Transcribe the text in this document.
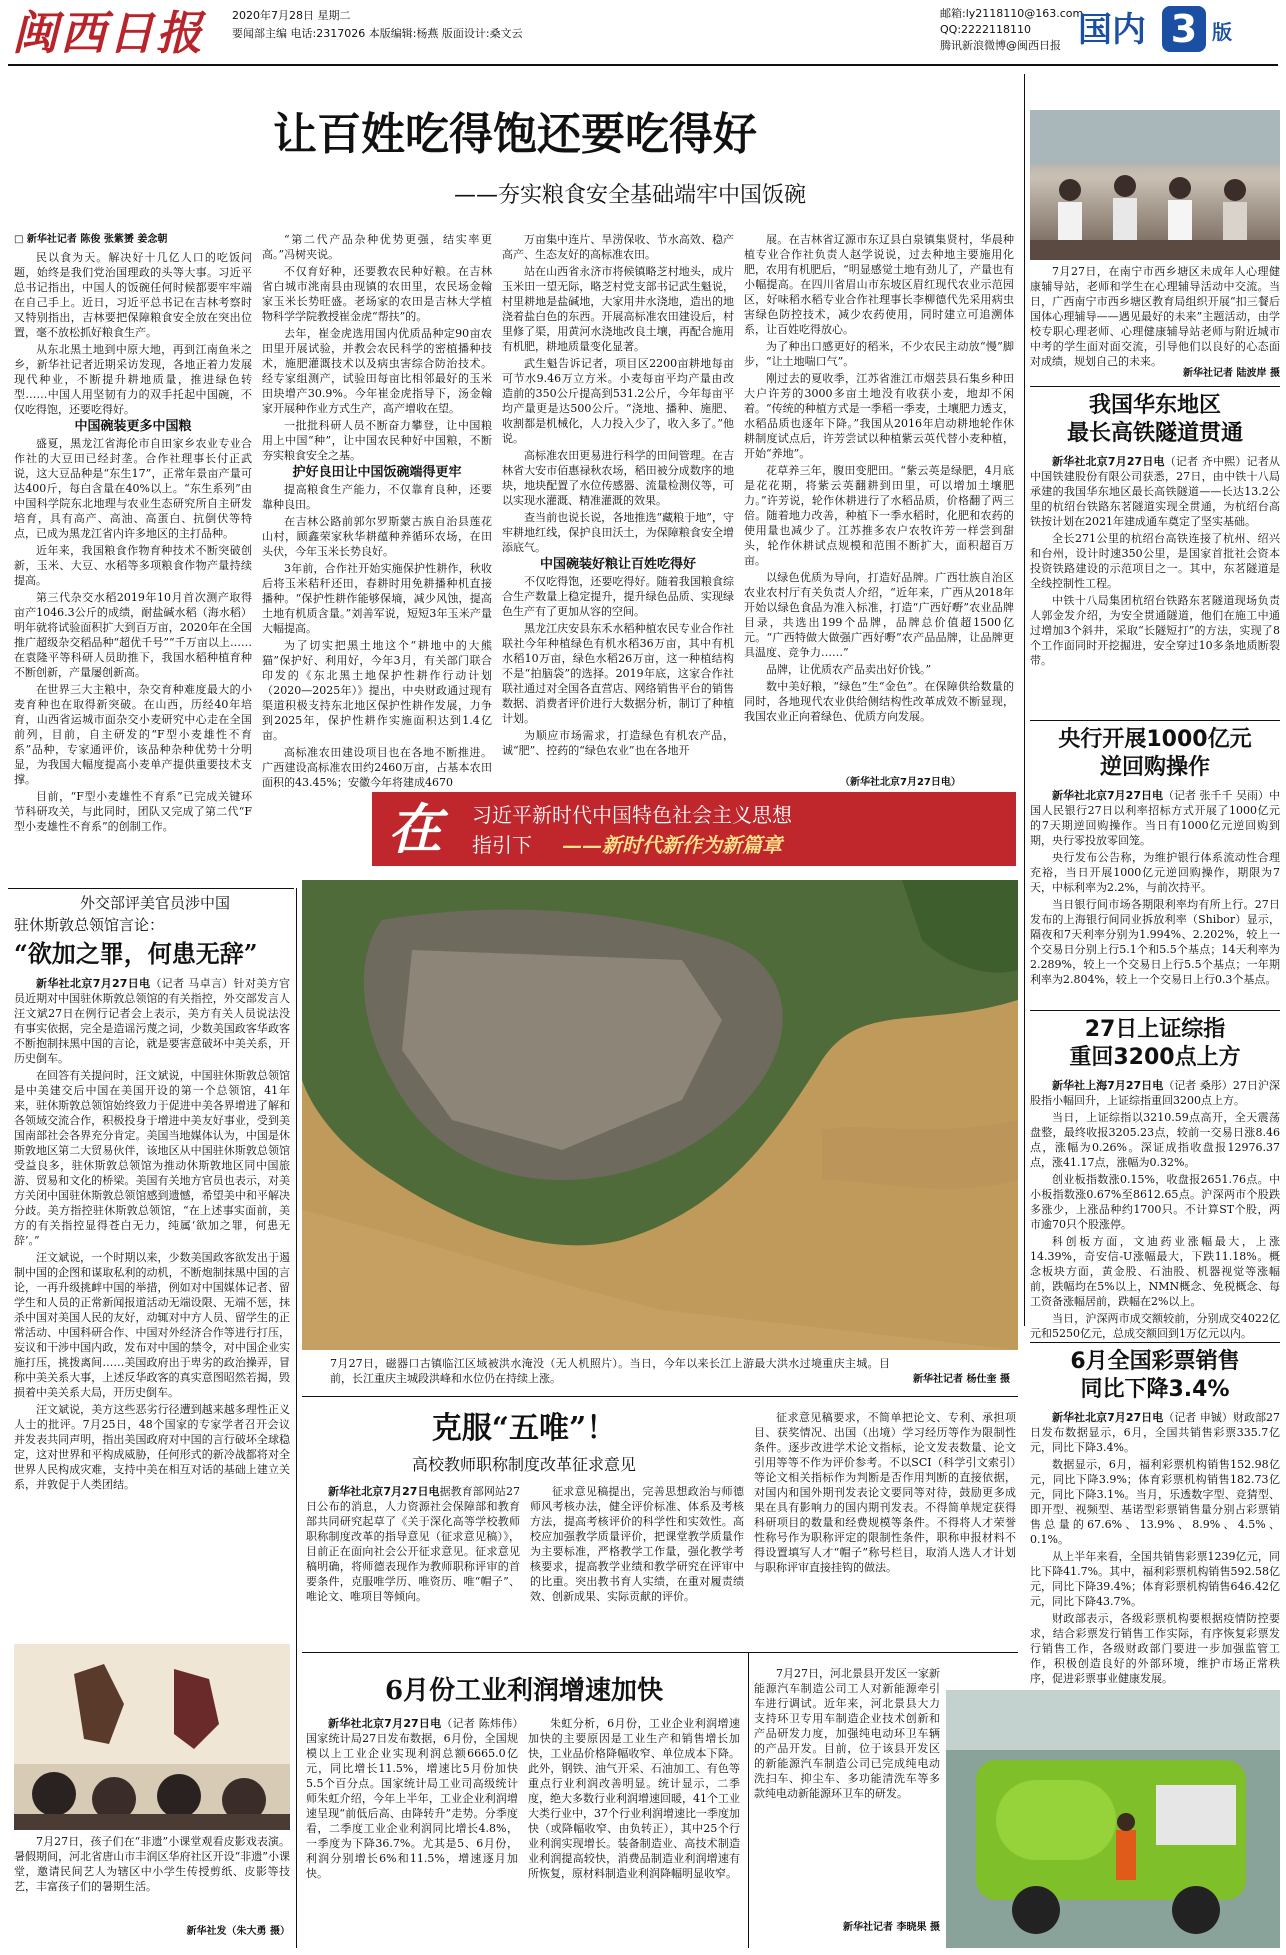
闽西日报	2020年7月28日 星期二
要闻部主编 电话:2317026 本版编辑:杨燕 版面设计:桑文云
邮箱:ly2118110@163.com
QQ:2222118110
腾讯新浪微博@闽西日报 国内 3 版
让百姓吃得饱还要吃得好
——夯实粮食安全基础端牢中国饭碗
□ 新华社记者 陈俊 张紫赟 姜念朝

民以食为天。解决好十几亿人口的吃饭问题，始终是我们党治国理政的头等大事。习近平总书记指出，中国人的饭碗任何时候都要牢牢端在自己手上。近日，习近平总书记在吉林考察时又特别指出，吉林要把保障粮食安全放在突出位置，毫不放松抓好粮食生产。

从东北黑土地到中原大地，再到江南鱼米之乡，新华社记者近期采访发现，各地正着力发展现代种业，不断提升耕地质量，推进绿色转型……中国人用坚韧有力的双手托起中国碗，不仅吃得饱，还要吃得好。

中国碗装更多中国粮

盛夏，黑龙江省海伦市自田家乡农业专业合作社的大豆田已经封垄。合作社理事长付正武说，这大豆品种是“东生17”，正常年景亩产量可达400斤，每白含量在40%以上。“东生系列”由中国科学院东北地理与农业生态研究所自主研发培育，具有高产、高油、高蛋白、抗倒伏等特点，已成为黑龙江省内许多地区的主打品种。

近年来，我国粮食作物育种技术不断突破创新，玉米、大豆、水稻等多项粮食作物产量持续提高。

第三代杂交水稻2019年10月首次测产取得亩产1046.3公斤的成绩，耐盐碱水稻（海水稻）明年就将试验面积扩大到百万亩，2020年在全国推广超级杂交稻品种“超优千号”“千万亩以上……在袁隆平等科研人员助推下，我国水稻种植育种不断创新，产量屡创新高。

在世界三大主粮中，杂交育种难度最大的小麦育种也在取得新突破。在山西，历经40年培育，山西省运城市面杂交小麦研究中心走在全国前列，目前，自主研发的“F型小麦雄性不育系”品种，专家通评价，该品种杂种优势十分明显，为我国大幅度提高小麦单产提供重要技术支撑。

目前，“F型小麦雄性不育系”已完成关键环节科研攻关，与此同时，团队又完成了第二代“F型小麦雄性不育系”的创制工作。

“第二代产品杂种优势更强，结实率更高。”冯树夹说。

不仅育好种，还要教农民种好粮。在吉林省白城市洮南县由现镇的农田里，农民场金翰家玉米长势旺盛。老场家的农田是吉林大学植物科学学院教授崔金虎“帮扶”的。

去年，崔金虎选用国内优质品种定90亩农田里开展试验，并教会农民科学的密植播种技术，施肥灌溉技术以及病虫害综合防治技术。经专家组测产，试验田每亩比相邻最好的玉米田块增产30.9%。今年崔金虎指导下，汤金翰家开展种作业方式生产，高产增收在望。

一批批科研人员不断奋力攀登，让中国粮用上中国“种”，让中国农民种好中国粮，不断夯实粮食安全之基。

护好良田让中国饭碗端得更牢

提高粮食生产能力，不仅靠育良种，还要靠种良田。

在吉林公路前郭尔罗斯蒙古族自治县莲花山村，顾鑫荣家秋华耕蕴种养循环农场，在田头伏，今年玉米长势良好。

3年前，合作社开始实施保护性耕作，秋收后将玉米秸秆还田，春耕时用免耕播种机直接播种。“保护性耕作能够保墒，减少风蚀，提高土地有机质含量。”刘善军说，短短3年玉米产量大幅提高。

为了切实把黑土地这个“耕地中的大熊猫”保护好、利用好，今年3月，有关部门联合印发的《东北黑土地保护性耕作行动计划（2020—2025年）》提出，中央财政通过现有渠道积极支持东北地区保护性耕作发展，力争到2025年，保护性耕作实施面积达到1.4亿亩。

高标准农田建设项目也在各地不断推进。广西建设高标准农田约2460万亩，占基本农田面积的43.45%；安徽今年将建成4670

万亩集中连片、旱涝保收、节水高效、稳产高产、生态友好的高标准农田。

站在山西省永济市将候镇略芝村地头，成片玉米田一望无际，略芝村党支部书记武生魁说，村里耕地是盐碱地，大家用井水浇地，造出的地浇着盐白色的东西。开展高标准农田建设后，村里修了渠，用黄河水浇地改良土壤，再配合施用有机肥，耕地质量变化显著。

武生魁告诉记者，项目区2200亩耕地每亩可节水9.46万立方米。小麦每亩平均产量由改造前的350公斤提高到531.2公斤，今年每亩平均产量更是达500公斤。“浇地、播种、施肥、收割都是机械化，人力投入少了，收入多了。”他说。

高标准农田更易进行科学的田间管理。在吉林省大安市佰惠禄秋农场，稻田被分成数序的地块，地块配置了水位传感器、流量检测仪等，可以实现水灌溉、精准灌溉的效果。

查当前也说长说，各地推选“藏粮于地”，守牢耕地红线，保护良田沃土，为保障粮食安全增添底气。

中国碗装好粮让百姓吃得好

不仅吃得饱，还要吃得好。随着我国粮食综合生产数量上稳定提升，提升绿色品质、实现绿色生产有了更加从容的空间。

黑龙江庆安县东禾水稻种植农民专业合作社联社今年种植绿色有机水稻36万亩，其中有机水稻10万亩，绿色水稻26万亩，这一种植结构不是“拍脑袋”的选择。2019年底，这家合作社联社通过对全国各直营店、网络销售平台的销售数据、消费者评价进行大数据分析，制订了种植计划。

为顺应市场需求，打造绿色有机农产品，诚“肥”、控药的“绿色农业”也在各地开

展。在吉林省辽源市东辽县白泉镇集贤村，华晨种植专业合作社负责人赵学说说，过去种地主要施用化肥，农用有机肥后，“明显感觉土地有劲儿了，产量也有小幅提高。在四川省眉山市东坡区眉红现代农业示范园区，好味稻水稻专业合作社理事长李柳德代先采用病虫害绿色防控技术，减少农药使用，同时建立可追溯体系，让百姓吃得放心。

为了种出口感更好的稻米，不少农民主动放“慢”脚步，“让土地喘口气”。

刚过去的夏收季，江苏省淮江市烟芸县石集乡种田大户许芳的3000多亩土地没有收获小麦，地却不闲着。“传统的种植方式是一季稻一季麦，土壤肥力透支，水稻品质也逐年下降。”我国从2016年启动耕地轮作休耕制度试点后，许芳尝试以种植紫云英代替小麦种植，开始“养地”。

花草养三年，腹田变肥田。“紫云英是绿肥，4月底是花花期，将紫云英翻耕到田里，可以增加土壤肥力。”许芳说，轮作休耕进行了水稻品质，价格翻了两三倍。随着地力改善，种植下一季水稻时，化肥和农药的使用量也减少了。江苏推多农户农牧许芳一样尝到甜头，轮作休耕试点规模和范围不断扩大，面积超百万亩。

以绿色优质为导向，打造好品牌。广西壮族自治区农业农村厅有关负责人介绍，“近年来，广西从2018年开始以绿色食品为准入标准，打造“广西好嘢”农业品牌目录，共选出199个品牌，品牌总价值超1500亿元。“广西特做大做强广西好嘢”农产品品牌，让品牌更具温度、竞争力……”

品牌，让优质农产品卖出好价钱。”

数中美好粮，“绿色”生“金色”。在保障供给数量的同时，各地现代农业供给侧结构性改革成效不断显现，我国农业正向着绿色、优质方向发展。

（新华社北京7月27日电）
在 习近平新时代中国特色社会主义思想
指引下 ——新时代新作为新篇章
7月27日，在南宁市西乡塘区未成年人心理健康辅导站，老师和学生在心理辅导活动中交流。当日，广西南宁市西乡塘区教育局组织开展“扣三餐后国体心理辅导——遇见最好的未来”主题活动，由学校专职心理老师、心理健康辅导站老师与附近城市中考的学生面对面交流，引导他们以良好的心态面对成绩，规划自己的未来。
新华社记者 陆波岸 摄
我国华东地区
最长高铁隧道贯通

新华社北京7月27日电（记者 齐中熙）记者从中国铁建股份有限公司获悉，27日，由中铁十八局承建的我国华东地区最长高铁隧道——长达13.2公里的杭绍台铁路东茗隧道实现全贯通，为杭绍台高铁按计划在2021年建成通车奠定了坚实基础。

全长271公里的杭绍台高铁连接了杭州、绍兴和台州，设计时速350公里，是国家首批社会资本投资铁路建设的示范项目之一。其中，东茗隧道是全线控制性工程。

中铁十八局集团杭绍台铁路东茗隧道现场负责人郭金发介绍，为安全贯通隧道，他们在施工中通过增加3个斜井，采取“长隧短打”的方法，实现了8个工作面同时开挖掘进，安全穿过10多条地质断裂带。

央行开展1000亿元
逆回购操作

新华社北京7月27日电（记者 张千千 吴雨）中国人民银行27日以利率招标方式开展了1000亿元的7天期逆回购操作。当日有1000亿元逆回购到期，央行零投放零回笼。

央行发布公告称，为维护银行体系流动性合理充裕，当日开展1000亿元逆回购操作，期限为7天，中标利率为2.2%，与前次持平。

当日银行间市场各期限利率均有所上行。27日发布的上海银行间同业拆放利率（Shibor）显示，隔夜和7天利率分别为1.994%、2.202%，较上一个交易日分别上行5.1个和5.5个基点；14天利率为2.289%，较上一个交易日上行5.5个基点；一年期利率为2.804%，较上一个交易日上行0.3个基点。

27日上证综指
重回3200点上方

新华社上海7月27日电（记者 桑彤）27日沪深股指小幅回升，上证综指重回3200点上方。

当日，上证综指以3210.59点高开，全天震荡盘整，最终收报3205.23点，较前一交易日涨8.46点，涨幅为0.26%。深证成指收盘报12976.37点，涨41.17点，涨幅为0.32%。

创业板指数涨0.15%，收盘报2651.76点。中小板指数涨0.67%至8612.65点。沪深两市个股跌多涨少，上涨品种约1700只。不计算ST个股，两市逾70只个股涨停。

科创板方面，文迪药业涨幅最大，上涨14.39%，奇安信-U涨幅最大，下跌11.18%。概念板块方面，黄金股、石油股、机器视觉等涨幅前，跌幅均在5%以上，NMN概念、免税概念、每工资备涨幅居前，跌幅在2%以上。

当日，沪深两市成交额较前，分别成交4022亿元和5250亿元，总成交额回到1万亿元以内。

6月全国彩票销售
同比下降3.4%

新华社北京7月27日电（记者 申铖）财政部27日发布数据显示，6月，全国共销售彩票335.7亿元，同比下降3.4%。

数据显示，6月，福利彩票机构销售152.98亿元，同比下降3.9%；体育彩票机构销售182.73亿元，同比下降3.1%。当月，乐透数字型、竞猜型、即开型、视频型、基诺型彩票销售量分别占彩票销售总量的67.6%、13.9%、8.9%、4.5%、0.1%。

从上半年来看，全国共销售彩票1239亿元，同比下降41.7%。其中，福利彩票机构销售592.58亿元，同比下降39.4%；体育彩票机构销售646.42亿元，同比下降43.7%。

财政部表示，各级彩票机构要根据疫情防控要求，结合彩票发行销售工作实际，有序恢复彩票发行销售工作，各级财政部门要进一步加强监管工作，积极创造良好的外部环境，维护市场正常秩序，促进彩票事业健康发展。

外交部评美官员涉中国
驻休斯敦总领馆言论：
“欲加之罪，何患无辞”

新华社北京7月27日电（记者 马卓言）针对美方官员近期对中国驻休斯敦总领馆的有关指控，外交部发言人汪文斌27日在例行记者会上表示，美方有关人员说法没有事实依据，完全是造谣污蔑之词，少数美国政客华政客不断抱制抹黑中国的言论，就是要害意破坏中美关系，开历史倒车。

在回答有关提问时，汪文斌说，中国驻休斯敦总领馆是中美建交后中国在美国开设的第一个总领馆，41年来，驻休斯敦总领馆始终致力于促进中美各界增进了解和各领域交流合作，积极投身于增进中美友好事业，受到美国南部社会各界充分肯定。美国当地媒体认为，中国是休斯敦地区第二大贸易伙伴，该地区从中国驻休斯敦总领馆受益良多，驻休斯敦总领馆为推动休斯敦地区同中国旅游、贸易和文化的桥梁。美国有关地方官员也表示，对美方关闭中国驻休斯敦总领馆感到遗憾，希望美中和平解决分歧。美方指控驻休斯敦总领馆，“在上述事实面前，美方的有关指控显得苍白无力，纯属‘欲加之罪，何患无辞’。”

汪文斌说，一个时期以来，少数美国政客欲发出于遏制中国的企图和谋取私利的动机，不断炮制抹黑中国的言论，一再升级挑衅中国的举措，例如对中国媒体记者、留学生和人员的正常新闻报道活动无端设限、无端不惩，抹杀中国对美国人民的友好，动辄对中方人员、留学生的正常活动、中国科研合作、中国对外经济合作等进行打压，妄议和干涉中国内政，发布对中国的禁令，对中国企业实施打压，挑拨离间……美国政府出于卑劣的政治操弄，冒称中美关系大事，上述反华政客的真实意图昭然若揭，毁损着中美关系大局，开历史倒车。

汪文斌说，美方这些恶劣行径遭到越来越多理性正义人士的批评。7月25日，48个国家的专家学者召开会议并发表共同声明，指出美国政府对中国的言行破坏全球稳定，这对世界和平构成威胁，任何形式的新冷战都将对全世界人民构成灾难，支持中美在相互对话的基础上建立关系，并敦促于人类团结。

7月27日，磁器口古镇临江区域被洪水淹没（无人机照片）。当日，今年以来长江上游最大洪水过境重庆主城。目前，长江重庆主城段洪峰和水位仍在持续上涨。	新华社记者 杨仕奎 摄
克服“五唯”！
高校教师职称制度改革征求意见

新华社北京7月27日电据教育部网站27日公布的消息，人力资源社会保障部和教育部共同研究起草了《关于深化高等学校教师职称制度改革的指导意见（征求意见稿）》，目前正在面向社会公开征求意见。征求意见稿明确，将师德表现作为教师职称评审的首要条件，克服唯学历、唯资历、唯“帽子”、唯论文、唯项目等倾向。

征求意见稿提出，完善思想政治与师德师风考核办法，健全评价标准、体系及考核方法，提高考核评价的科学性和实效性。高校应加强教学质量评价，把课堂教学质量作为主要标准，严格教学工作量，强化教学考核要求，提高教学业绩和教学研究在评审中的比重。突出教书育人实绩，在重对履责绩效、创新成果、实际贡献的评价。

征求意见稿要求，不简单把论文、专利、承担项目、获奖情况、出国（出境）学习经历等作为限制性条件。逐步改进学术论文指标，论文发表数量、论文引用等等不作为评价参考。不以SCI（科学引文索引）等论文相关指标作为判断是否作用判断的直接依据，对国内和国外期刊发表论文要同等对待，鼓励更多成果在具有影响力的国内期刊发表。不得简单规定获得科研项目的数量和经费规模等条件。不得将人才荣誉性称号作为职称评定的限制性条件，职称申报材料不得设置填写人才“帽子”称号栏目，取消人选人才计划与职称评审直接挂钩的做法。

7月27日，孩子们在“非遗”小课堂观看皮影戏表演。暑假期间，河北省唐山市丰润区华府社区开设“非遗”小课堂，邀请民间艺人为辖区中小学生传授剪纸、皮影等技艺，丰富孩子们的暑期生活。
新华社发（朱大勇 摄）
6月份工业利润增速加快

新华社北京7月27日电（记者 陈炜伟）国家统计局27日发布数据，6月份，全国规模以上工业企业实现利润总额6665.0亿元，同比增长11.5%，增速比5月份加快5.5个百分点。国家统计局工业司高级统计师朱虹介绍，今年上半年，工业企业利润增速呈现“前低后高、由降转升”走势。分季度看，二季度工业企业利润同比增长4.8%，一季度为下降36.7%。尤其是5、6月份，利润分别增长6%和11.5%，增速逐月加快。

朱虹分析，6月份，工业企业利润增速加快的主要原因是工业生产和销售增长加快，工业品价格降幅收窄、单位成本下降。此外，钢铁、油气开采、石油加工、有色等重点行业利润改善明显。统计显示，二季度，绝大多数行业利润增速回暖，41个工业大类行业中，37个行业利润增速比一季度加快（或降幅收窄、由负转正），其中25个行业利润实现增长。装备制造业、高技术制造业利润提高较快，消费品制造业利润增速有所恢复，原材料制造业利润降幅明显收窄。

7月27日，河北景县开发区一家新能源汽车制造公司工人对新能源牵引车进行调试。近年来，河北景县大力支持环卫专用车制造企业技术创新和产品研发力度，加强纯电动环卫车辆的产品开发。目前，位于该县开发区的新能源汽车制造公司已完成纯电动洗扫车、抑尘车、多功能清洗车等多款纯电动新能源环卫车的研发。
新华社记者 李晓果 摄
